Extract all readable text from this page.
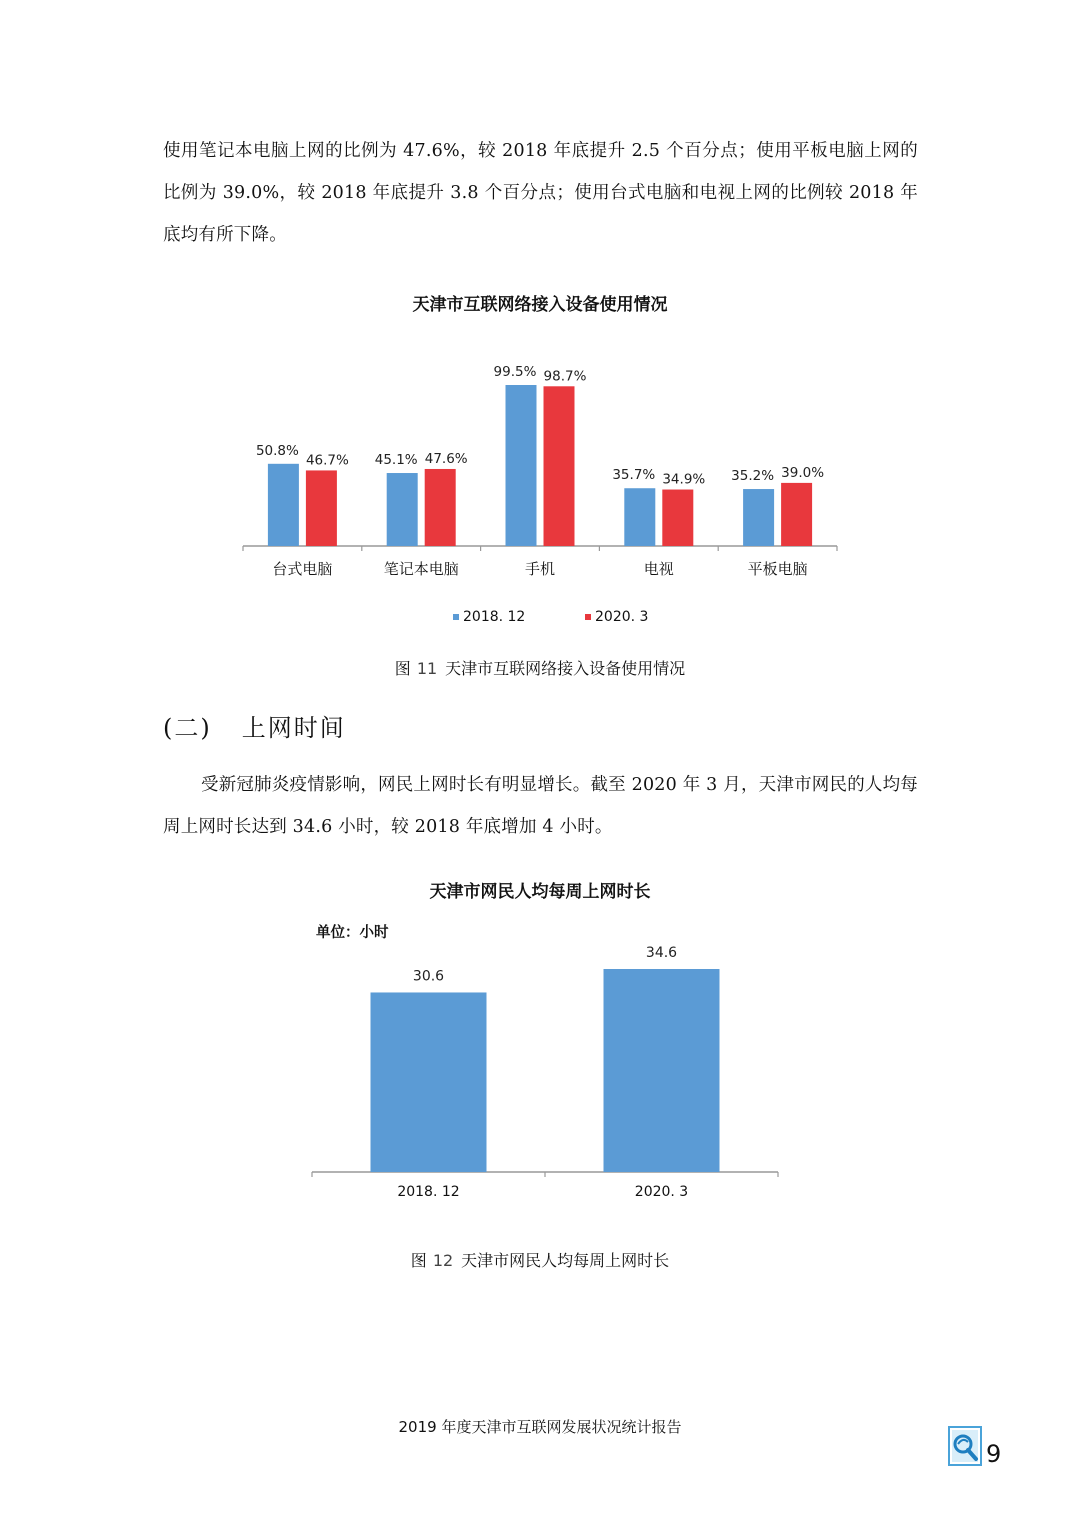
使用笔记本电脑上网的比例为 47.6%，较 2018 年底提升 2.5 个百分点；使用平板电脑上网的比例为 39.0%，较 2018 年底提升 3.8 个百分点；使用台式电脑和电视上网的比例较 2018 年底均有所下降。

天津市互联网络接入设备使用情况

50.8%
46.7%
台式电脑
45.1% 47.6%
笔记本电脑
99.5% 98.7%
手机
35.7% 34.9%
电视
35.2% 39.0%
平板电脑
2018. 12	2020. 3

图 11 天津市互联网络接入设备使用情况

(二) 上网时间

受新冠肺炎疫情影响，网民上网时长有明显增长。截至 2020 年 3 月，天津市网民的人均每周上网时长达到 34.6 小时，较 2018 年底增加 4 小时。

天津市网民人均每周上网时长

单位：小时

30.6
2018. 12
34.6
2020. 3

图 12 天津市网民人均每周上网时长

2019 年度天津市互联网发展状况统计报告

9
